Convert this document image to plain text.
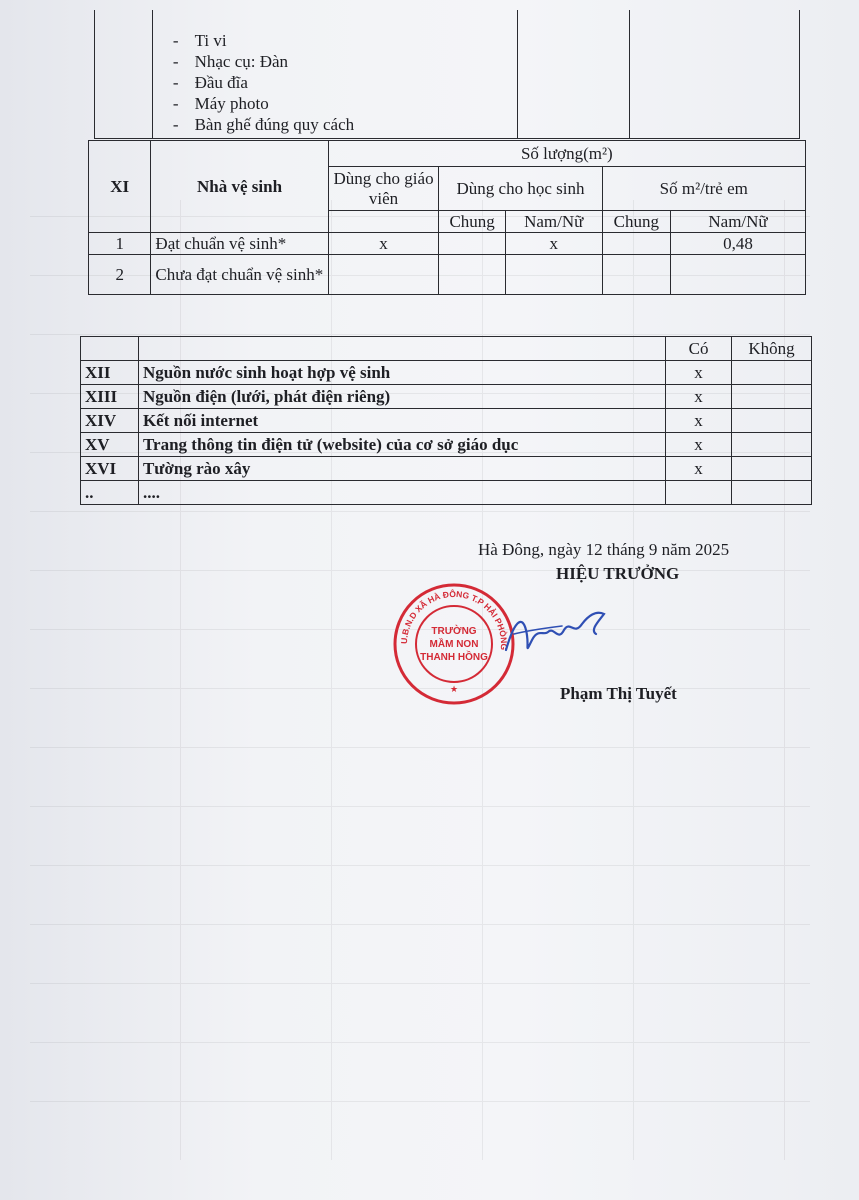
- Ti vi
- Nhạc cụ: Đàn
- Đầu đĩa
- Máy photo
- Bàn ghế đúng quy cách

XI	Nhà vệ sinh	Số lượng(m²)				
		Dùng cho giáo viên	Dùng cho học sinh		Số m²/trẻ em	
			Chung	Nam/Nữ	Chung	Nam/Nữ
1	Đạt chuẩn vệ sinh*	x		x		0,48
2	Chưa đạt chuẩn vệ sinh*					
		Có	Không
XII	Nguồn nước sinh hoạt hợp vệ sinh	x	
XIII	Nguồn điện (lưới, phát điện riêng)	x	
XIV	Kết nối internet	x	
XV	Trang thông tin điện tử (website) của cơ sở giáo dục	x	
XVI	Tường rào xây	x	
..	....		
Hà Đông, ngày 12 tháng 9 năm 2025
HIỆU TRƯỞNG
U.B.N.D XÃ HÀ ĐÔNG T.P HẢI PHÒNG
TRƯỜNG
MẦM NON
THANH HỒNG
★	Phạm Thị Tuyết
